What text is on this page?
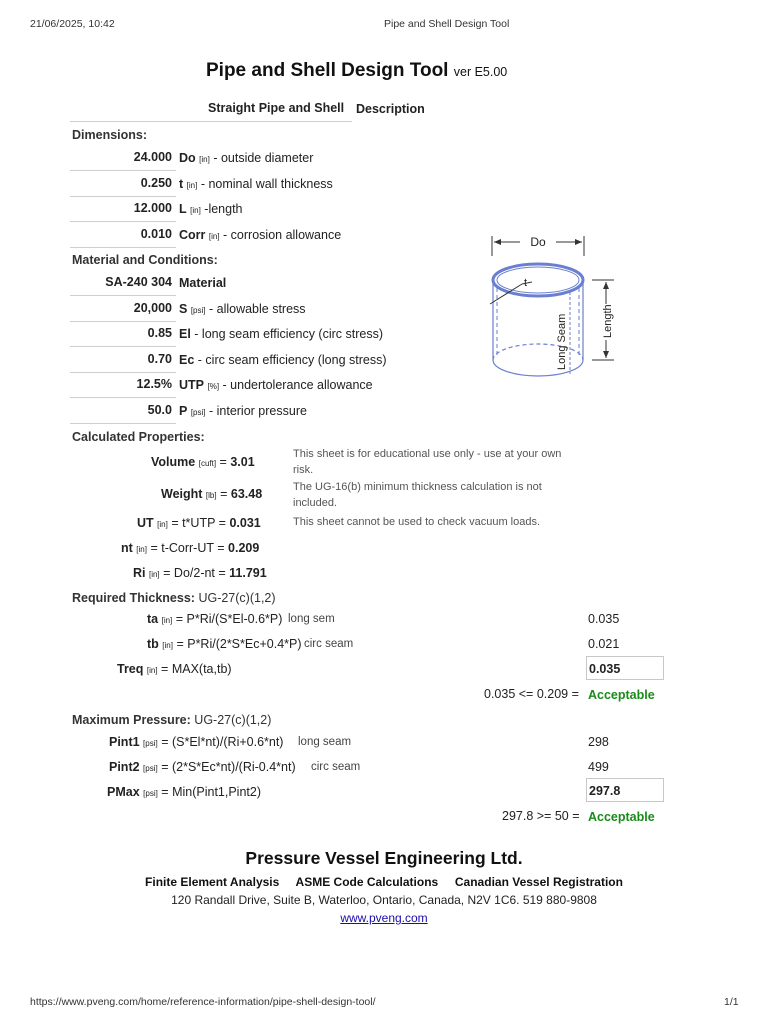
21/06/2025, 10:42	Pipe and Shell Design Tool
Pipe and Shell Design Tool ver E5.00
Straight Pipe and Shell Description
Dimensions:
24.000 Do [in] - outside diameter
0.250 t [in] - nominal wall thickness
12.000 L [in] -length
0.010 Corr [in] - corrosion allowance
Material and Conditions:
SA-240 304 Material
20,000 S [psi] - allowable stress
0.85 El - long seam efficiency (circ stress)
0.70 Ec - circ seam efficiency (long stress)
12.5% UTP [%] - undertolerance allowance
50.0 P [psi] - interior pressure
Do
Long Seam
t
Length
Calculated Properties:
Volume [cuft] = 3.01
Weight [lb] = 63.48
UT [in] = t*UTP = 0.031
nt [in] = t-Corr-UT = 0.209
Ri [in] = Do/2-nt = 11.791
This sheet is for educational use only - use at your own risk.
The UG-16(b) minimum thickness calculation is not included.
This sheet cannot be used to check vacuum loads.
Required Thickness: UG-27(c)(1,2)
ta [in] = P*Ri/(S*El-0.6*P) long sem	0.035
tb [in] = P*Ri/(2*S*Ec+0.4*P) circ seam	0.021
Treq [in] = MAX(ta,tb)	0.035
0.035 <= 0.209 = Acceptable
Maximum Pressure: UG-27(c)(1,2)
Pint1 [psi] = (S*El*nt)/(Ri+0.6*nt) long seam	298
Pint2 [psi] = (2*S*Ec*nt)/(Ri-0.4*nt) circ seam	499
PMax [psi] = Min(Pint1,Pint2)	297.8
297.8 >= 50 = Acceptable
Pressure Vessel Engineering Ltd.
Finite Element Analysis ASME Code Calculations Canadian Vessel Registration
120 Randall Drive, Suite B, Waterloo, Ontario, Canada, N2V 1C6. 519 880-9808
www.pveng.com
https://www.pveng.com/home/reference-information/pipe-shell-design-tool/	1/1
